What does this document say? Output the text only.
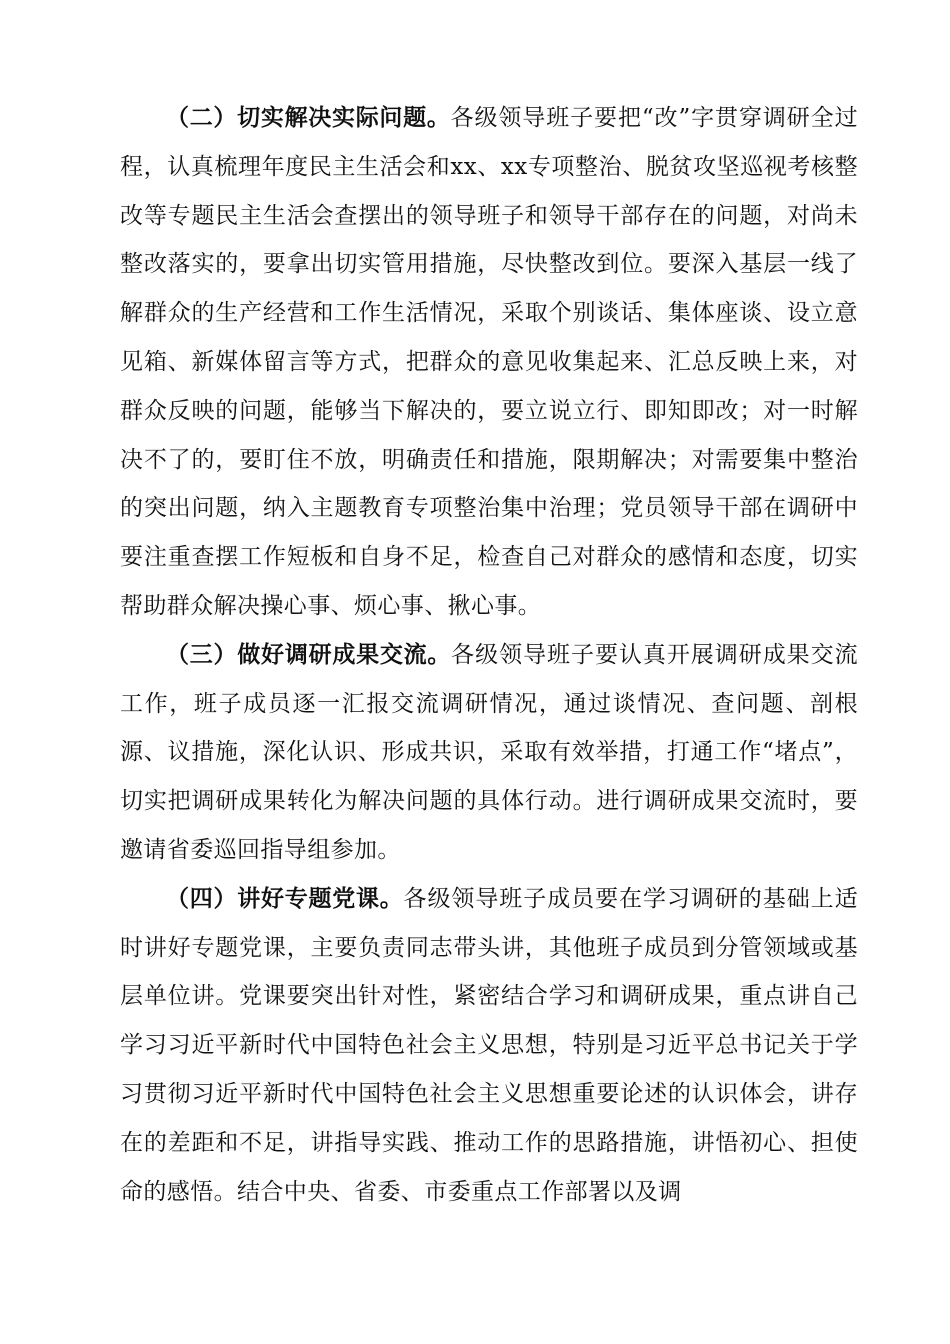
（二）切实解决实际问题。各级领导班子要把“改”字贯穿调研全过程，认真梳理年度民主生活会和xx、xx专项整治、脱贫攻坚巡视考核整改等专题民主生活会查摆出的领导班子和领导干部存在的问题，对尚未整改落实的，要拿出切实管用措施，尽快整改到位。要深入基层一线了解群众的生产经营和工作生活情况，采取个别谈话、集体座谈、设立意见箱、新媒体留言等方式，把群众的意见收集起来、汇总反映上来，对群众反映的问题，能够当下解决的，要立说立行、即知即改；对一时解决不了的，要盯住不放，明确责任和措施，限期解决；对需要集中整治的突出问题，纳入主题教育专项整治集中治理；党员领导干部在调研中要注重查摆工作短板和自身不足，检查自己对群众的感情和态度，切实帮助群众解决操心事、烦心事、揪心事。

（三）做好调研成果交流。各级领导班子要认真开展调研成果交流工作，班子成员逐一汇报交流调研情况，通过谈情况、查问题、剖根源、议措施，深化认识、形成共识，采取有效举措，打通工作“堵点”，切实把调研成果转化为解决问题的具体行动。进行调研成果交流时，要邀请省委巡回指导组参加。

（四）讲好专题党课。各级领导班子成员要在学习调研的基础上适时讲好专题党课，主要负责同志带头讲，其他班子成员到分管领域或基层单位讲。党课要突出针对性，紧密结合学习和调研成果，重点讲自己学习习近平新时代中国特色社会主义思想，特别是习近平总书记关于学习贯彻习近平新时代中国特色社会主义思想重要论述的认识体会，讲存在的差距和不足，讲指导实践、推动工作的思路措施，讲悟初心、担使命的感悟。结合中央、省委、市委重点工作部署以及调
